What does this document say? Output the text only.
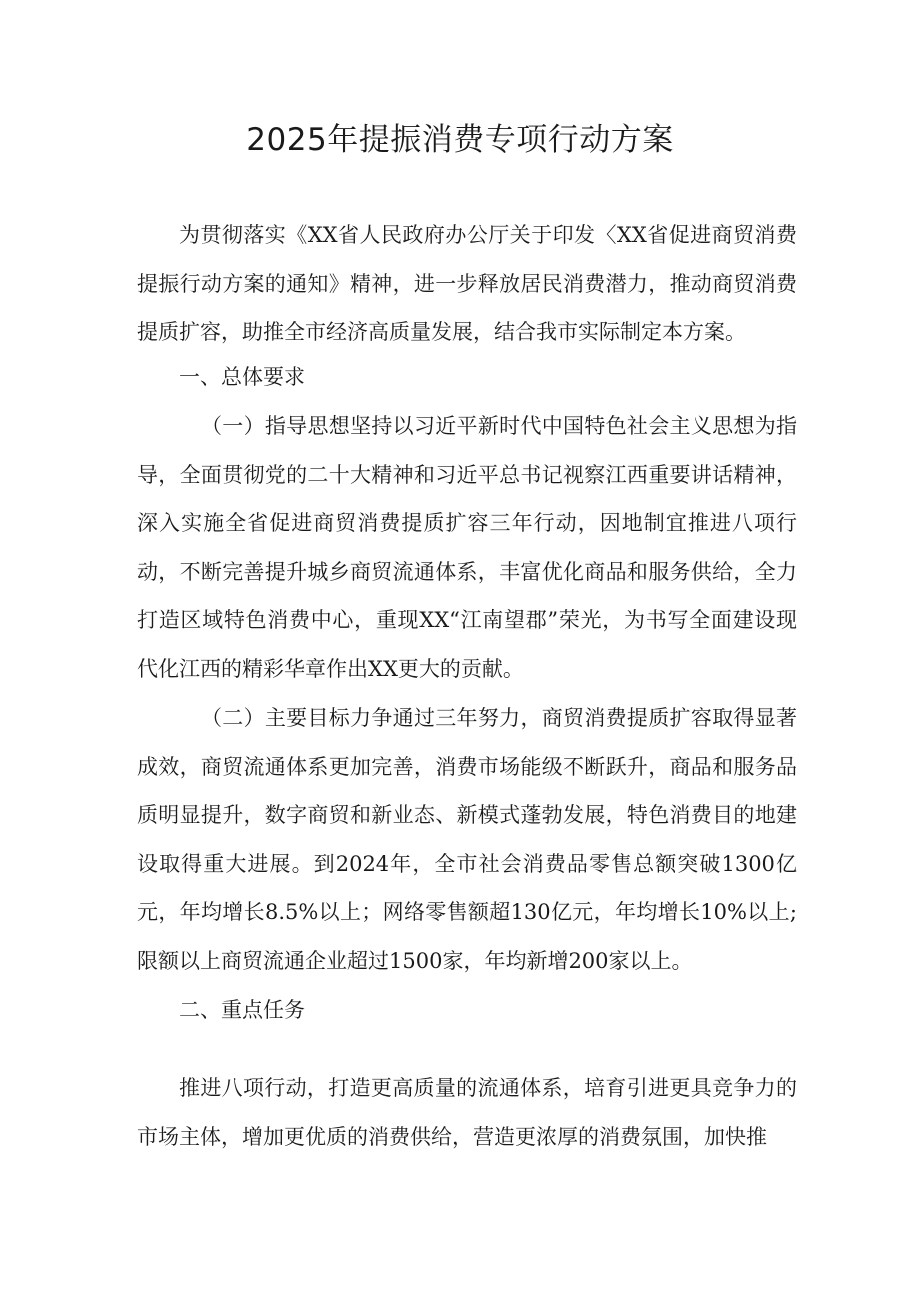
2025年提振消费专项行动方案

为贯彻落实《XX省人民政府办公厅关于印发〈XX省促进商贸消费提振行动方案的通知》精神，进一步释放居民消费潜力，推动商贸消费提质扩容，助推全市经济高质量发展，结合我市实际制定本方案。

一、总体要求

（一）指导思想坚持以习近平新时代中国特色社会主义思想为指导，全面贯彻党的二十大精神和习近平总书记视察江西重要讲话精神，深入实施全省促进商贸消费提质扩容三年行动，因地制宜推进八项行动，不断完善提升城乡商贸流通体系，丰富优化商品和服务供给，全力打造区域特色消费中心，重现XX“江南望郡”荣光，为书写全面建设现代化江西的精彩华章作出XX更大的贡献。

（二）主要目标力争通过三年努力，商贸消费提质扩容取得显著成效，商贸流通体系更加完善，消费市场能级不断跃升，商品和服务品质明显提升，数字商贸和新业态、新模式蓬勃发展，特色消费目的地建设取得重大进展。到2024年，全市社会消费品零售总额突破1300亿元，年均增长8.5%以上；网络零售额超130亿元，年均增长10%以上;限额以上商贸流通企业超过1500家，年均新增200家以上。

二、重点任务

推进八项行动，打造更高质量的流通体系，培育引进更具竞争力的市场主体，增加更优质的消费供给，营造更浓厚的消费氛围，加快推
